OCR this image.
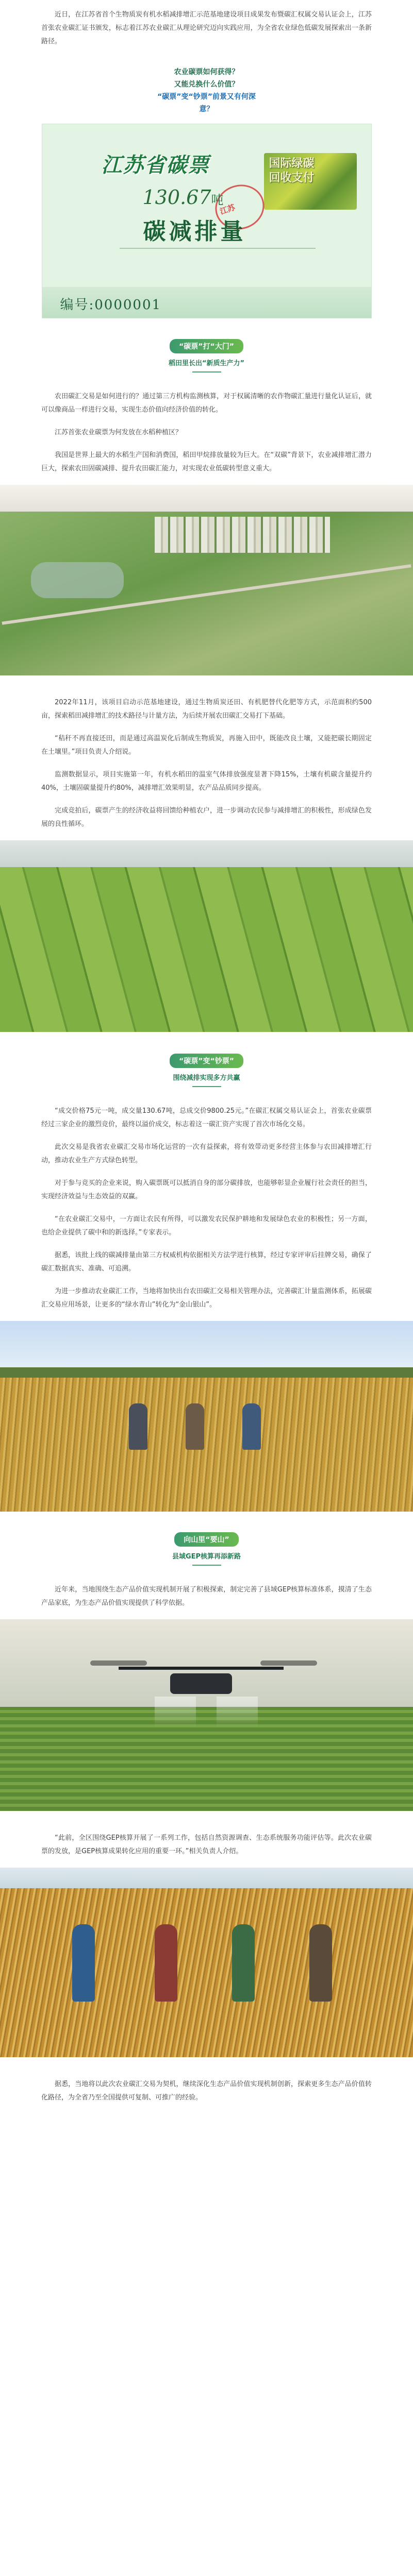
近日，在江苏省首个生物质炭有机水稻减排增汇示范基地建设项目成果发布暨碳汇权属交易认证会上，江苏首张农业碳汇证书颁发，标志着江苏农业碳汇从理论研究迈向实践应用，为全省农业绿色低碳发展探索出一条新路径。

农业碳票如何获得？
又能兑换什么价值？
“碳票”变“钞票”前景又有何深意？
国际绿碳
回收支付
江苏省碳票
江苏
130.67吨
碳减排量
编号:0000001
“碳票”打“大门”
稻田里长出“新质生产力”

农田碳汇交易是如何进行的？通过第三方机构监测核算，对于权属清晰的农作物碳汇量进行量化认证后，就可以像商品一样进行交易，实现生态价值向经济价值的转化。

江苏首张农业碳票为何发放在水稻种植区？

我国是世界上最大的水稻生产国和消费国，稻田甲烷排放量较为巨大。在“双碳”背景下，农业减排增汇潜力巨大，探索农田固碳减排、提升农田碳汇能力，对实现农业低碳转型意义重大。

2022年11月，该项目启动示范基地建设，通过生物质炭还田、有机肥替代化肥等方式，示范面积约500亩，探索稻田减排增汇的技术路径与计量方法，为后续开展农田碳汇交易打下基础。

“秸秆不再直接还田，而是通过高温炭化后制成生物质炭，再施入田中，既能改良土壤，又能把碳长期固定在土壤里。”项目负责人介绍说。

监测数据显示，项目实施第一年，有机水稻田的温室气体排放强度显著下降15%，土壤有机碳含量提升约40%，土壤固碳量提升约80%，减排增汇效果明显，农产品品质同步提高。

完成竞拍后，碳票产生的经济收益将回馈给种植农户，进一步调动农民参与减排增汇的积极性，形成绿色发展的良性循环。

“碳票”变“钞票”
围绕减排实现多方共赢

“成交价格75元一吨，成交量130.67吨，总成交价9800.25元。”在碳汇权属交易认证会上，首张农业碳票经过三家企业的激烈竞价，最终以溢价成交，标志着这一碳汇资产实现了首次市场化交易。

此次交易是我省农业碳汇交易市场化运营的一次有益探索，将有效带动更多经营主体参与农田减排增汇行动，推动农业生产方式绿色转型。

对于参与竞买的企业来说，购入碳票既可以抵消自身的部分碳排放，也能够彰显企业履行社会责任的担当，实现经济效益与生态效益的双赢。

“在农业碳汇交易中，一方面让农民有所得，可以激发农民保护耕地和发展绿色农业的积极性；另一方面，也给企业提供了碳中和的新选择。”专家表示。

据悉，该批上线的碳减排量由第三方权威机构依据相关方法学进行核算，经过专家评审后挂牌交易，确保了碳汇数据真实、准确、可追溯。

为进一步推动农业碳汇工作，当地将加快出台农田碳汇交易相关管理办法，完善碳汇计量监测体系，拓展碳汇交易应用场景，让更多的“绿水青山”转化为“金山银山”。

向山里“要山”
县域GEP核算再添新路

近年来，当地围绕生态产品价值实现机制开展了积极探索，制定完善了县域GEP核算标准体系，摸清了生态产品家底，为生态产品价值实现提供了科学依据。

“此前，全区围绕GEP核算开展了一系列工作，包括自然资源调查、生态系统服务功能评估等。此次农业碳票的发放，是GEP核算成果转化应用的重要一环。”相关负责人介绍。

据悉，当地将以此次农业碳汇交易为契机，继续深化生态产品价值实现机制创新，探索更多生态产品价值转化路径，为全省乃至全国提供可复制、可推广的经验。
